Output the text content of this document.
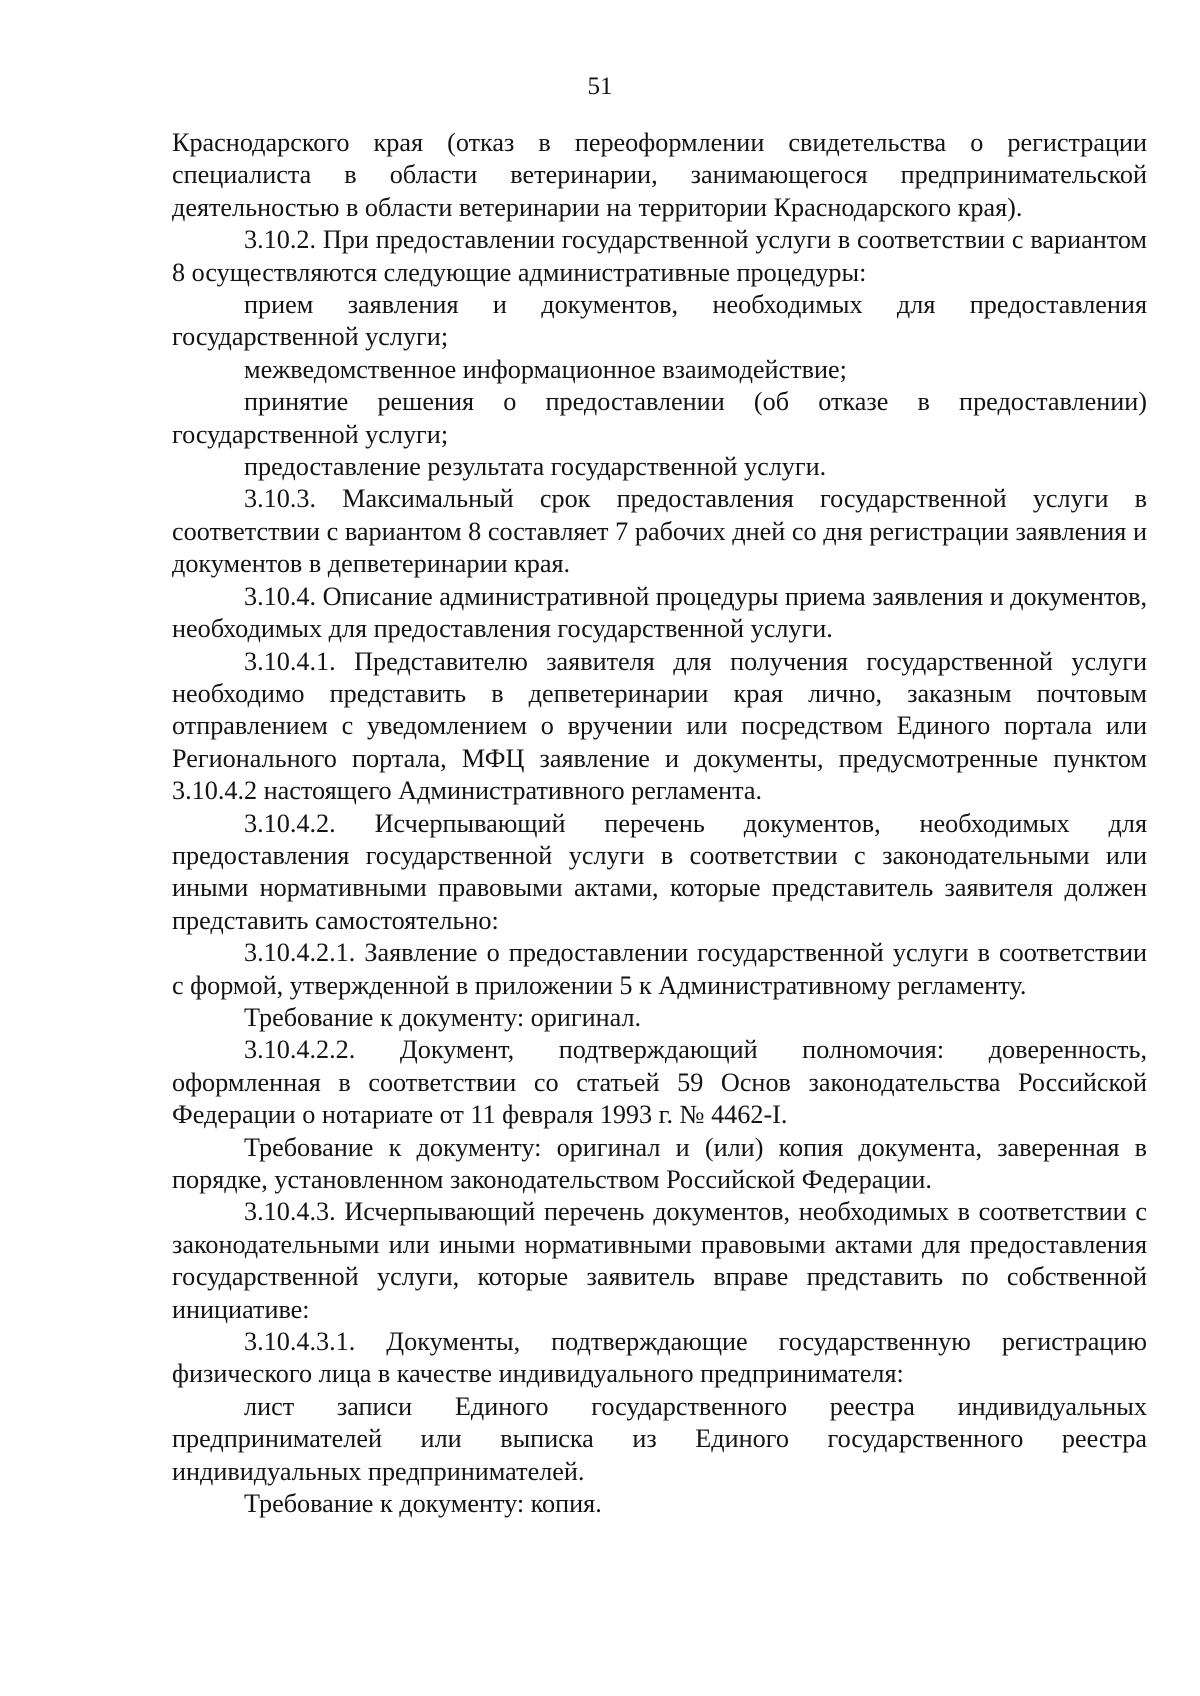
51

Краснодарского края (отказ в переоформлении свидетельства о регистрации специалиста в области ветеринарии, занимающегося предпринимательской деятельностью в области ветеринарии на территории Краснодарского края).

3.10.2. При предоставлении государственной услуги в соответствии с вариантом 8 осуществляются следующие административные процедуры:

прием заявления и документов, необходимых для предоставления государственной услуги;

межведомственное информационное взаимодействие;

принятие решения о предоставлении (об отказе в предоставлении) государственной услуги;

предоставление результата государственной услуги.

3.10.3. Максимальный срок предоставления государственной услуги в соответствии с вариантом 8 составляет 7 рабочих дней со дня регистрации заявления и документов в депветеринарии края.

3.10.4. Описание административной процедуры приема заявления и документов, необходимых для предоставления государственной услуги.

3.10.4.1. Представителю заявителя для получения государственной услуги необходимо представить в депветеринарии края лично, заказным почтовым отправлением с уведомлением о вручении или посредством Единого портала или Регионального портала, МФЦ заявление и документы, предусмотренные пунктом 3.10.4.2 настоящего Административного регламента.

3.10.4.2. Исчерпывающий перечень документов, необходимых для предоставления государственной услуги в соответствии с законодательными или иными нормативными правовыми актами, которые представитель заявителя должен представить самостоятельно:

3.10.4.2.1. Заявление о предоставлении государственной услуги в соответствии с формой, утвержденной в приложении 5 к Административному регламенту.

Требование к документу: оригинал.

3.10.4.2.2. Документ, подтверждающий полномочия: доверенность, оформленная в соответствии со статьей 59 Основ законодательства Российской Федерации о нотариате от 11 февраля 1993 г. № 4462-I.

Требование к документу: оригинал и (или) копия документа, заверенная в порядке, установленном законодательством Российской Федерации.

3.10.4.3. Исчерпывающий перечень документов, необходимых в соответствии с законодательными или иными нормативными правовыми актами для предоставления государственной услуги, которые заявитель вправе представить по собственной инициативе:

3.10.4.3.1. Документы, подтверждающие государственную регистрацию физического лица в качестве индивидуального предпринимателя:

лист записи Единого государственного реестра индивидуальных предпринимателей или выписка из Единого государственного реестра индивидуальных предпринимателей.

Требование к документу: копия.
